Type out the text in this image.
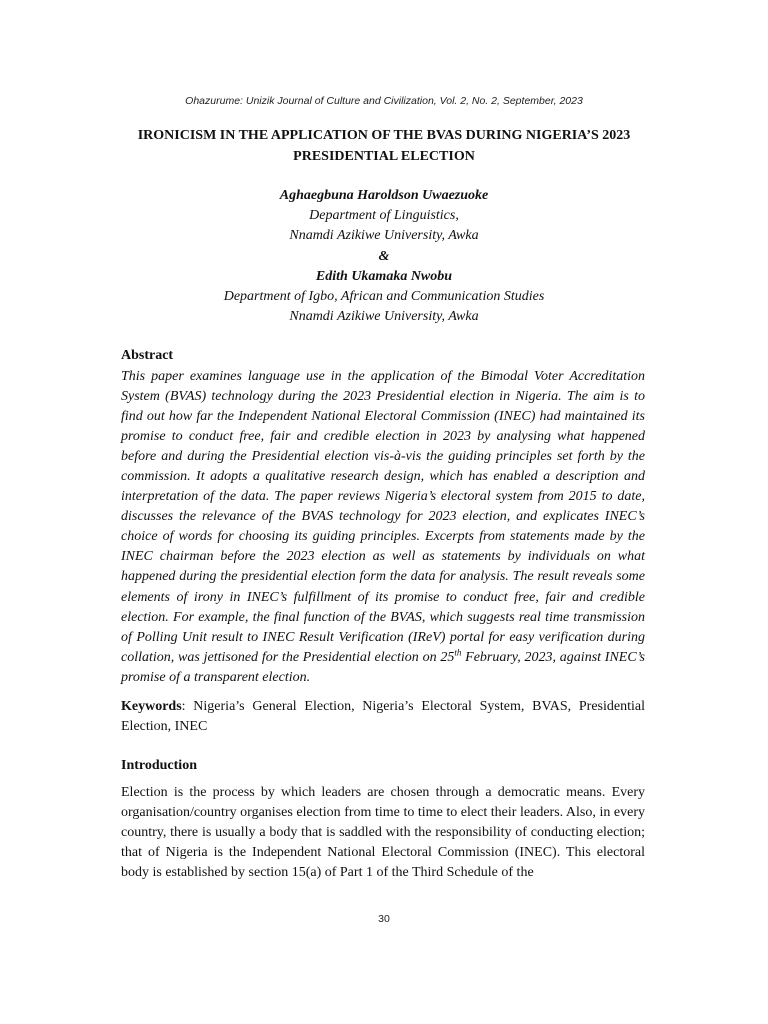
Ohazurume: Unizik Journal of Culture and Civilization, Vol. 2, No. 2, September, 2023
IRONICISM IN THE APPLICATION OF THE BVAS DURING NIGERIA’S 2023
PRESIDENTIAL ELECTION
Aghaegbuna Haroldson Uwaezuoke
Department of Linguistics,
Nnamdi Azikiwe University, Awka
&
Edith Ukamaka Nwobu
Department of Igbo, African and Communication Studies
Nnamdi Azikiwe University, Awka
Abstract
This paper examines language use in the application of the Bimodal Voter Accreditation System (BVAS) technology during the 2023 Presidential election in Nigeria. The aim is to find out how far the Independent National Electoral Commission (INEC) had maintained its promise to conduct free, fair and credible election in 2023 by analysing what happened before and during the Presidential election vis-à-vis the guiding principles set forth by the commission. It adopts a qualitative research design, which has enabled a description and interpretation of the data. The paper reviews Nigeria’s electoral system from 2015 to date, discusses the relevance of the BVAS technology for 2023 election, and explicates INEC’s choice of words for choosing its guiding principles. Excerpts from statements made by the INEC chairman before the 2023 election as well as statements by individuals on what happened during the presidential election form the data for analysis. The result reveals some elements of irony in INEC’s fulfillment of its promise to conduct free, fair and credible election. For example, the final function of the BVAS, which suggests real time transmission of Polling Unit result to INEC Result Verification (IReV) portal for easy verification during collation, was jettisoned for the Presidential election on 25th February, 2023, against INEC’s promise of a transparent election.
Keywords: Nigeria’s General Election, Nigeria’s Electoral System, BVAS, Presidential Election, INEC
Introduction
Election is the process by which leaders are chosen through a democratic means. Every organisation/country organises election from time to time to elect their leaders. Also, in every country, there is usually a body that is saddled with the responsibility of conducting election; that of Nigeria is the Independent National Electoral Commission (INEC). This electoral body is established by section 15(a) of Part 1 of the Third Schedule of the
30
